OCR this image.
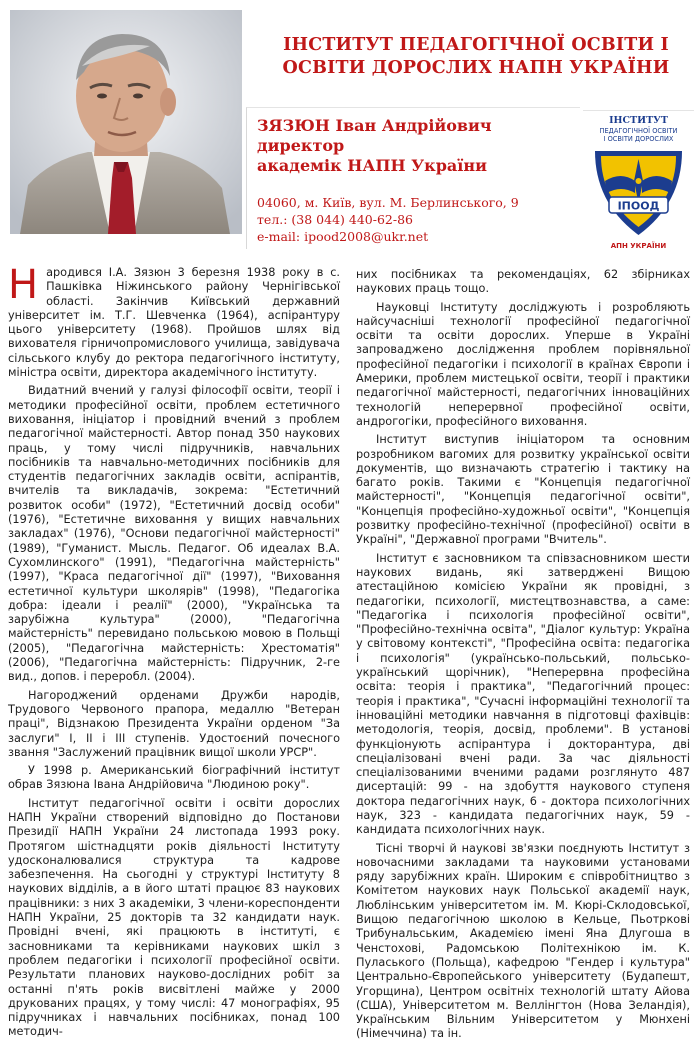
ІНСТИТУТ ПЕДАГОГІЧНОЇ ОСВІТИ І
ОСВІТИ ДОРОСЛИХ НАПН УКРАЇНИ
ЗЯЗЮН Іван Андрійович
директор
академік НАПН України
04060, м. Київ, вул. М. Берлинського, 9
тел.: (38 044) 440-62-86
e-mail: ipood2008@ukr.net
ІНСТИТУТ
ПЕДАГОГІЧНОЇ ОСВІТИ
І ОСВІТИ ДОРОСЛИХ
ІПООД
АПН УКРАЇНИ

Народився І.А. Зязюн 3 березня 1938 року в с. Пашківка Ніжинського району Чернігівської області. Закінчив Київський державний університет ім. Т.Г. Шевченка (1964), аспірантуру цього університету (1968). Пройшов шлях від вихователя гірничопромислового училища, завідувача сільського клубу до ректора педагогічного інституту, міністра освіти, директора академічного інституту.

Видатний вчений у галузі філософії освіти, теорії і методики професійної освіти, проблем естетичного виховання, ініціатор і провідний вчений з проблем педагогічної майстерності. Автор понад 350 наукових праць, у тому числі підручників, навчальних посібників та навчально-методичних посібників для студентів педагогічних закладів освіти, аспірантів, вчителів та викладачів, зокрема: "Естетичний розвиток особи" (1972), "Естетичний досвід особи" (1976), "Естетичне виховання у вищих навчальних закладах" (1976), "Основи педагогічної майстерності" (1989), "Гуманист. Мысль. Педагог. Об идеалах В.А. Сухомлинского" (1991), "Педагогічна майстерність" (1997), "Краса педагогічної дії" (1997), "Виховання естетичної культури школярів" (1998), "Педагогіка добра: ідеали і реалії" (2000), "Українська та зарубіжна культура" (2000), "Педагогічна майстерність" перевидано польською мовою в Польщі (2005), "Педагогічна майстерність: Хрестоматія" (2006), "Педагогічна майстерність: Підручник, 2-ге вид., допов. і переробл. (2004).

Нагороджений орденами Дружби народів, Трудового Червоного прапора, медаллю "Ветеран праці", Відзнакою Президента України орденом "За заслуги" І, ІІ і ІІІ ступенів. Удостоєний почесного звання "Заслужений працівник вищої школи УРСР".

У 1998 р. Американський біографічний інститут обрав Зязюна Івана Андрійовича "Людиною року".

Інститут педагогічної освіти і освіти дорослих НАПН України створений відповідно до Постанови Президії НАПН України 24 листопада 1993 року. Протягом шістнадцяти років діяльності Інституту удосконалювалися структура та кадрове забезпечення. На сьогодні у структурі Інституту 8 наукових відділів, а в його штаті працює 83 наукових працівники: з них 3 академіки, 3 члени-кореспонденти НАПН України, 25 докторів та 32 кандидати наук. Провідні вчені, які працюють в інституті, є засновниками та керівниками наукових шкіл з проблем педагогіки і психології професійної освіти. Результати планових науково-дослідних робіт за останні п'ять років висвітлені майже у 2000 друкованих працях, у тому числі: 47 монографіях, 95 підручниках і навчальних посібниках, понад 100 методич-

них посібниках та рекомендаціях, 62 збірниках наукових праць тощо.

Науковці Інституту досліджують і розробляють найсучасніші технології професійної педагогічної освіти та освіти дорослих. Уперше в Україні запроваджено дослідження проблем порівняльної професійної педагогіки і психології в країнах Європи і Америки, проблем мистецької освіти, теорії і практики педагогічної майстерності, педагогічних інноваційних технологій неперервної професійної освіти, андрогогіки, професійного виховання.

Інститут виступив ініціатором та основним розробником вагомих для розвитку української освіти документів, що визначають стратегію і тактику на багато років. Такими є "Концепція педагогічної майстерності", "Концепція педагогічної освіти", "Концепція професійно-художньої освіти", "Концепція розвитку професійно-технічної (професійної) освіти в Україні", "Державної програми "Вчитель".

Інститут є засновником та співзасновником шести наукових видань, які затверджені Вищою атестаційною комісією України як провідні, з педагогіки, психології, мистецтвознавства, а саме: "Педагогіка і психологія професійної освіти", "Професійно-технічна освіта", "Діалог культур: Україна у світовому контексті", "Професійна освіта: педагогіка і психологія" (українсько-польський, польсько-український щорічник), "Неперервна професійна освіта: теорія і практика", "Педагогічний процес: теорія і практика", "Сучасні інформаційні технології та інноваційні методики навчання в підготовці фахівців: методологія, теорія, досвід, проблеми". В установі функціонують аспірантура і докторантура, дві спеціалізовані вчені ради. За час діяльності спеціалізованими вченими радами розглянуто 487 дисертацій: 99 - на здобуття наукового ступеня доктора педагогічних наук, 6 - доктора психологічних наук, 323 - кандидата педагогічних наук, 59 - кандидата психологічних наук.

Тісні творчі й наукові зв'язки поєднують Інститут з новочасними закладами та науковими установами ряду зарубіжних країн. Широким є співробітництво з Комітетом наукових наук Польської академії наук, Люблінським університетом ім. М. Кюрі-Склодовської, Вищою педагогічною школою в Кельце, Пьотркові Трибунальським, Академією імені Яна Длугоша в Ченстохові, Радомською Політехнікою ім. К. Пуласького (Польща), кафедрою "Гендер і культура" Центрально-Європейського університету (Будапешт, Угорщина), Центром освітніх технологій штату Айова (США), Університетом м. Веллінгтон (Нова Зеландія), Українським Вільним Університетом у Мюнхені (Німеччина) та ін.
